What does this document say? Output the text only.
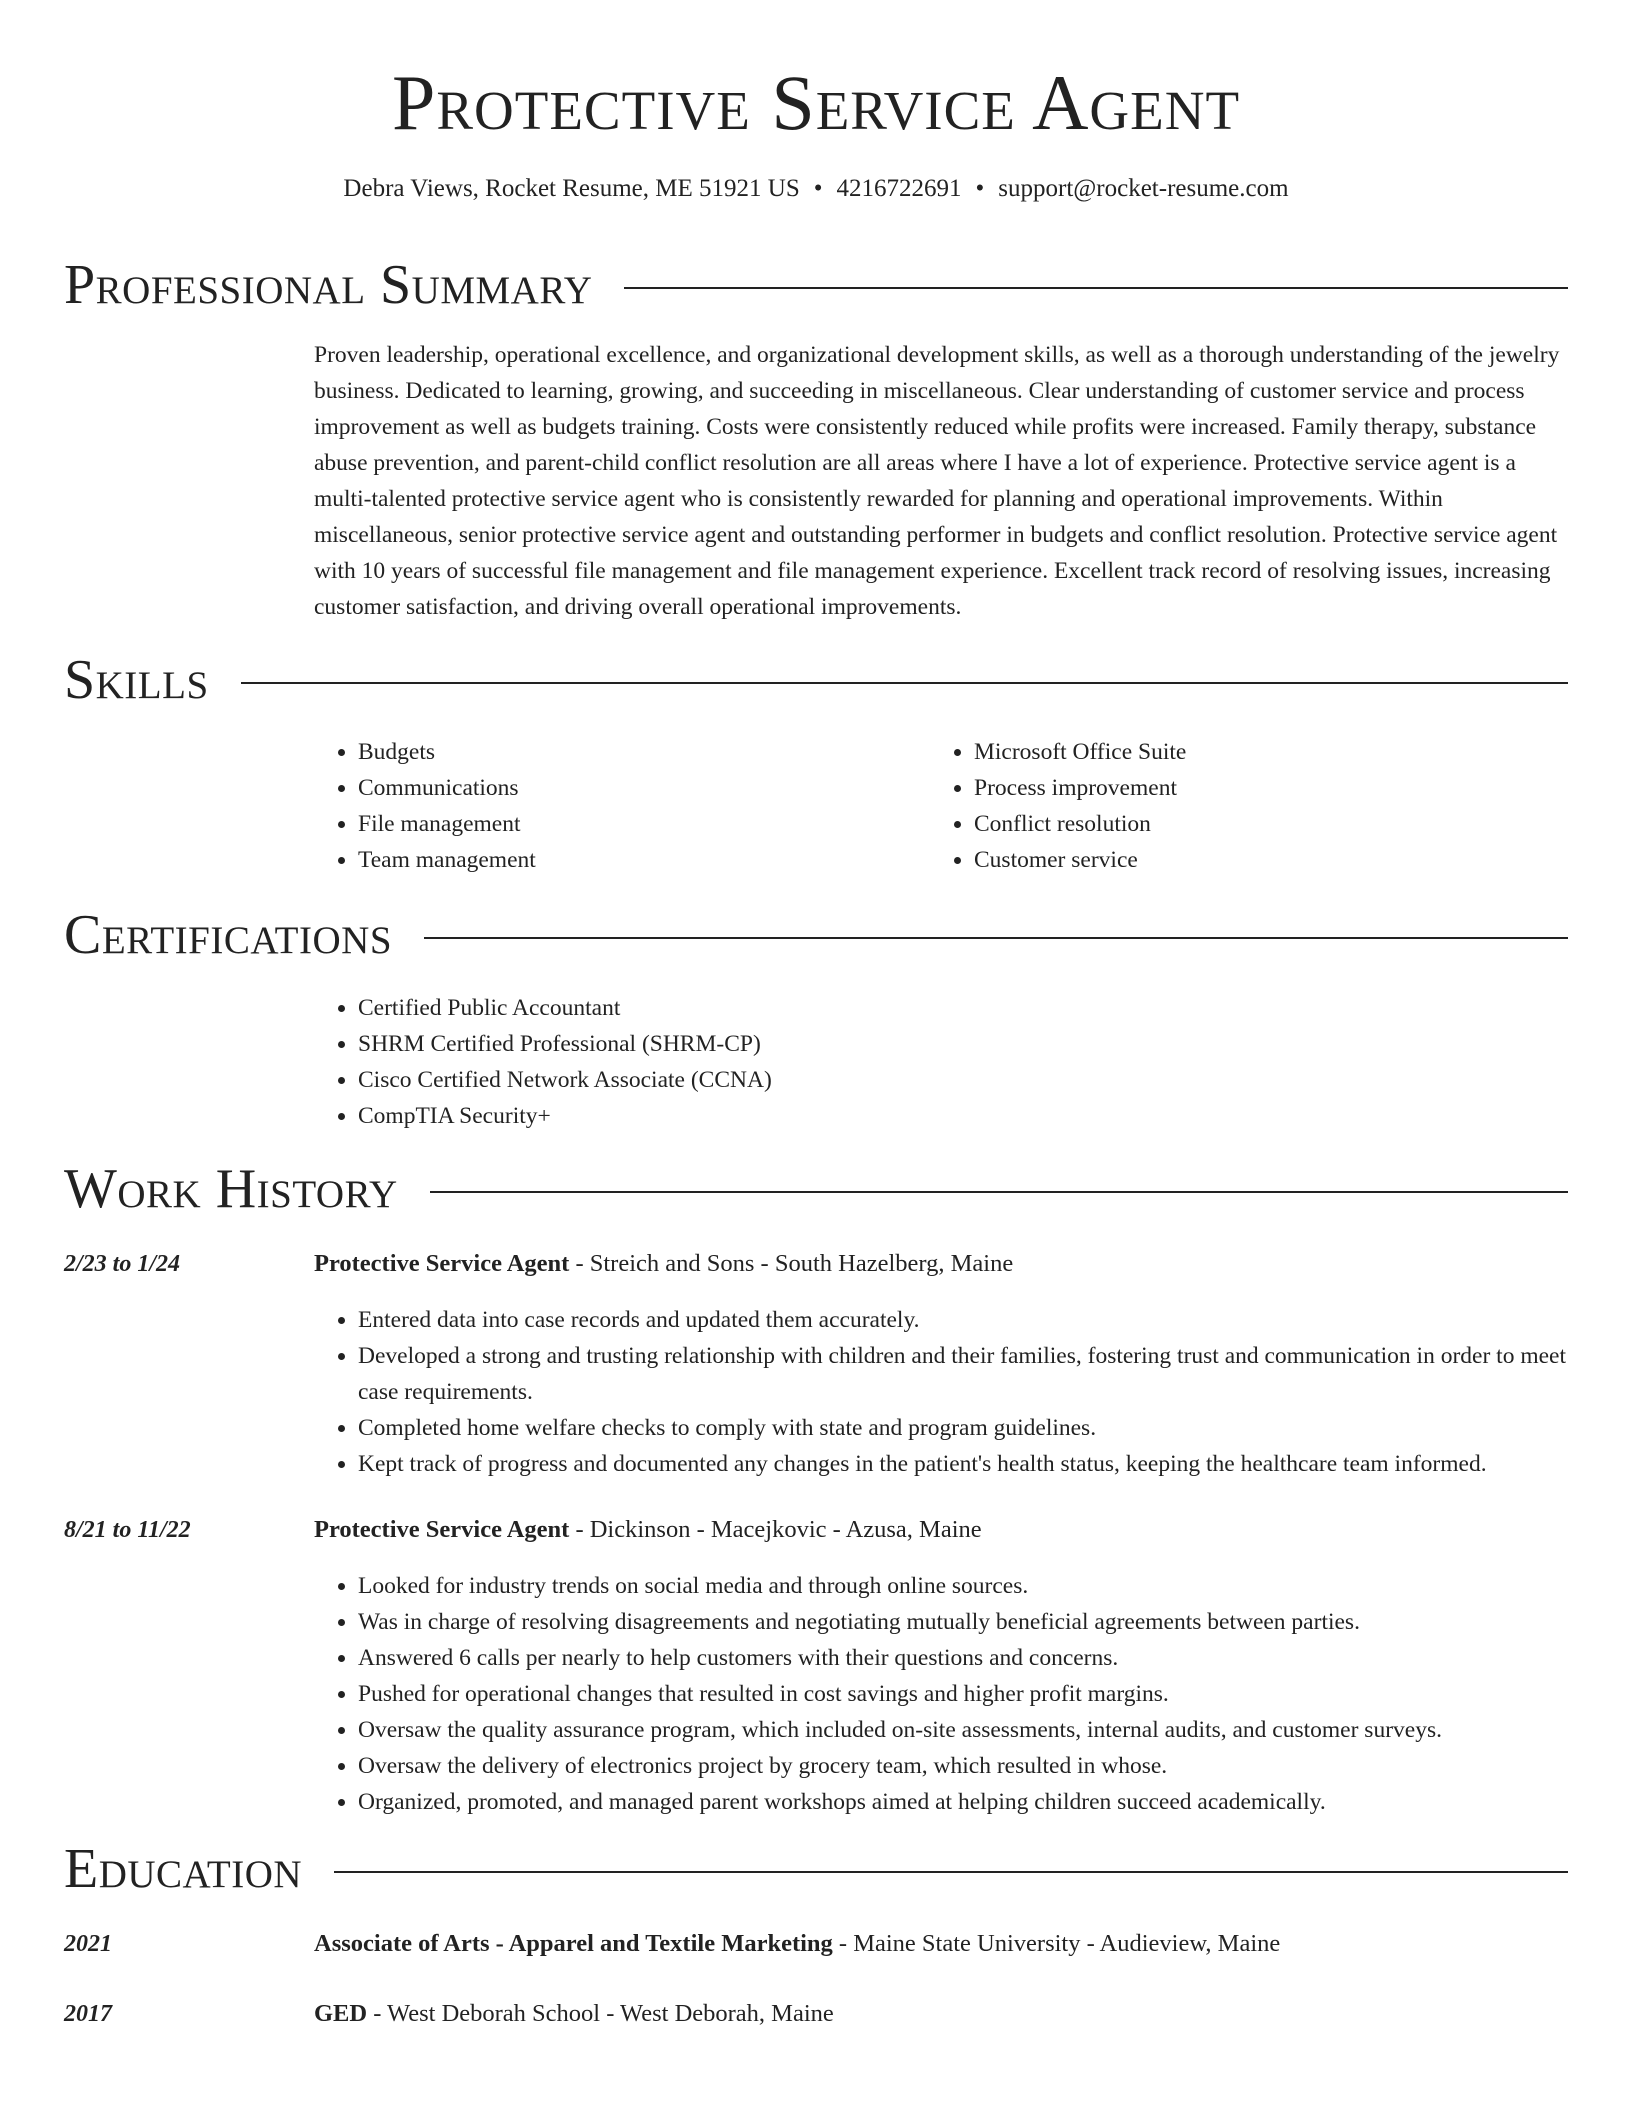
Protective Service Agent
Debra Views, Rocket Resume, ME 51921 US • 4216722691 • support@rocket-resume.com
Professional Summary

Proven leadership, operational excellence, and organizational development skills, as well as a thorough understanding of the jewelry business. Dedicated to learning, growing, and succeeding in miscellaneous. Clear understanding of customer service and process improvement as well as budgets training. Costs were consistently reduced while profits were increased. Family therapy, substance abuse prevention, and parent-child conflict resolution are all areas where I have a lot of experience. Protective service agent is a multi-talented protective service agent who is consistently rewarded for planning and operational improvements. Within miscellaneous, senior protective service agent and outstanding performer in budgets and conflict resolution. Protective service agent with 10 years of successful file management and file management experience. Excellent track record of resolving issues, increasing customer satisfaction, and driving overall operational improvements.

Skills
• Budgets
• Communications
• File management
• Team management
• Microsoft Office Suite
• Process improvement
• Conflict resolution
• Customer service
Certifications
• Certified Public Accountant
• SHRM Certified Professional (SHRM-CP)
• Cisco Certified Network Associate (CCNA)
• CompTIA Security+
Work History
2/23 to 1/24	Protective Service Agent - Streich and Sons - South Hazelberg, Maine
• Entered data into case records and updated them accurately.
• Developed a strong and trusting relationship with children and their families, fostering trust and communication in order to meet case requirements.
• Completed home welfare checks to comply with state and program guidelines.
• Kept track of progress and documented any changes in the patient's health status, keeping the healthcare team informed.
8/21 to 11/22	Protective Service Agent - Dickinson - Macejkovic - Azusa, Maine
• Looked for industry trends on social media and through online sources.
• Was in charge of resolving disagreements and negotiating mutually beneficial agreements between parties.
• Answered 6 calls per nearly to help customers with their questions and concerns.
• Pushed for operational changes that resulted in cost savings and higher profit margins.
• Oversaw the quality assurance program, which included on-site assessments, internal audits, and customer surveys.
• Oversaw the delivery of electronics project by grocery team, which resulted in whose.
• Organized, promoted, and managed parent workshops aimed at helping children succeed academically.
Education
2021	Associate of Arts - Apparel and Textile Marketing - Maine State University - Audieview, Maine
2017	GED - West Deborah School - West Deborah, Maine
